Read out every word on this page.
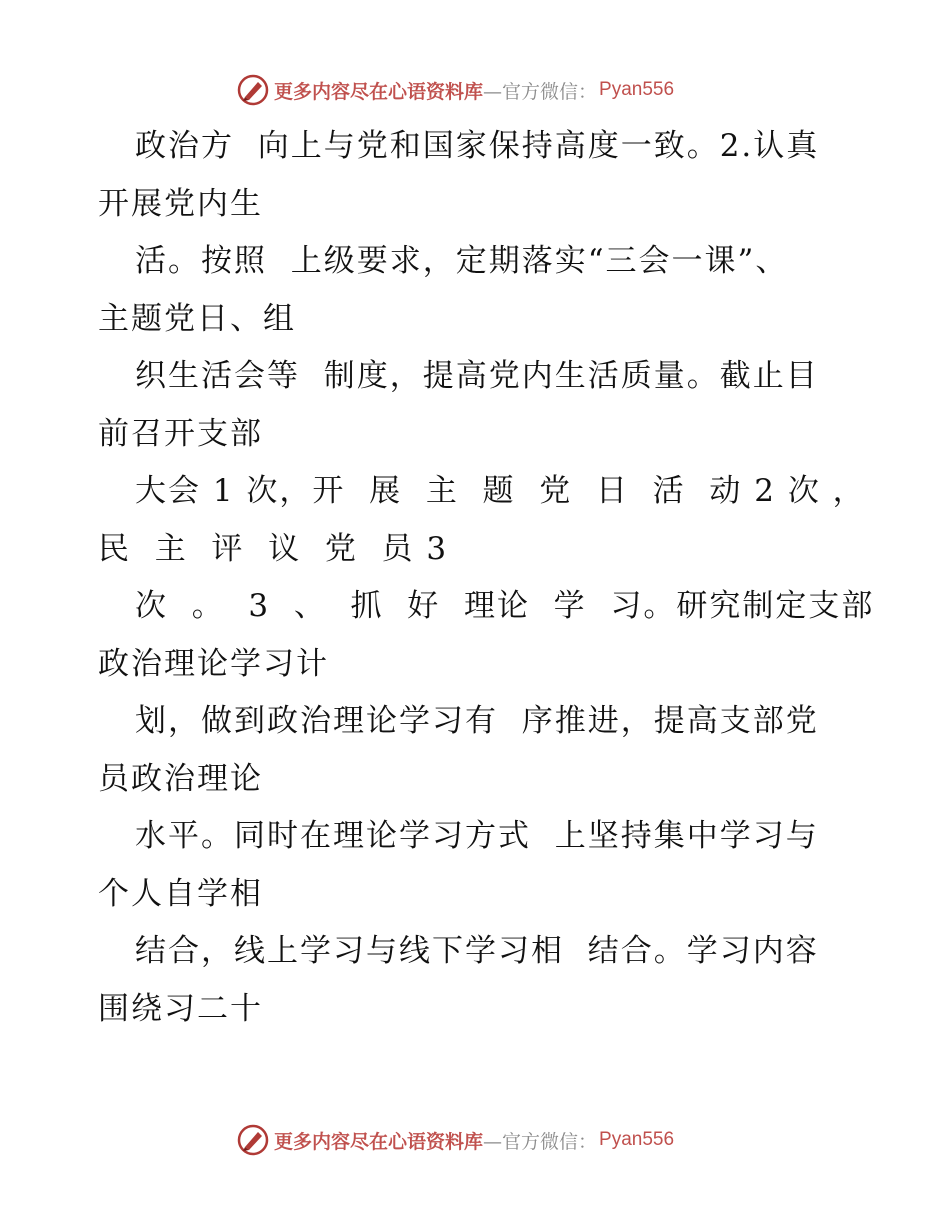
更多内容尽在心语资料库—官方微信： Pyan556
政治方  向上与党和国家保持高度一致。2.认真
开展党内生
活。按照  上级要求，定期落实“三会一课”、
主题党日、组
织生活会等  制度，提高党内生活质量。截止目
前召开支部
大会 1 次，开  展  主  题  党  日  活  动 2 次 ，
民  主  评  议  党  员 3
次  。  3  、  抓  好  理论  学  习。研究制定支部
政治理论学习计
划，做到政治理论学习有  序推进，提高支部党
员政治理论
水平。同时在理论学习方式  上坚持集中学习与
个人自学相
结合，线上学习与线下学习相  结合。学习内容
围绕习二十
更多内容尽在心语资料库—官方微信： Pyan556
